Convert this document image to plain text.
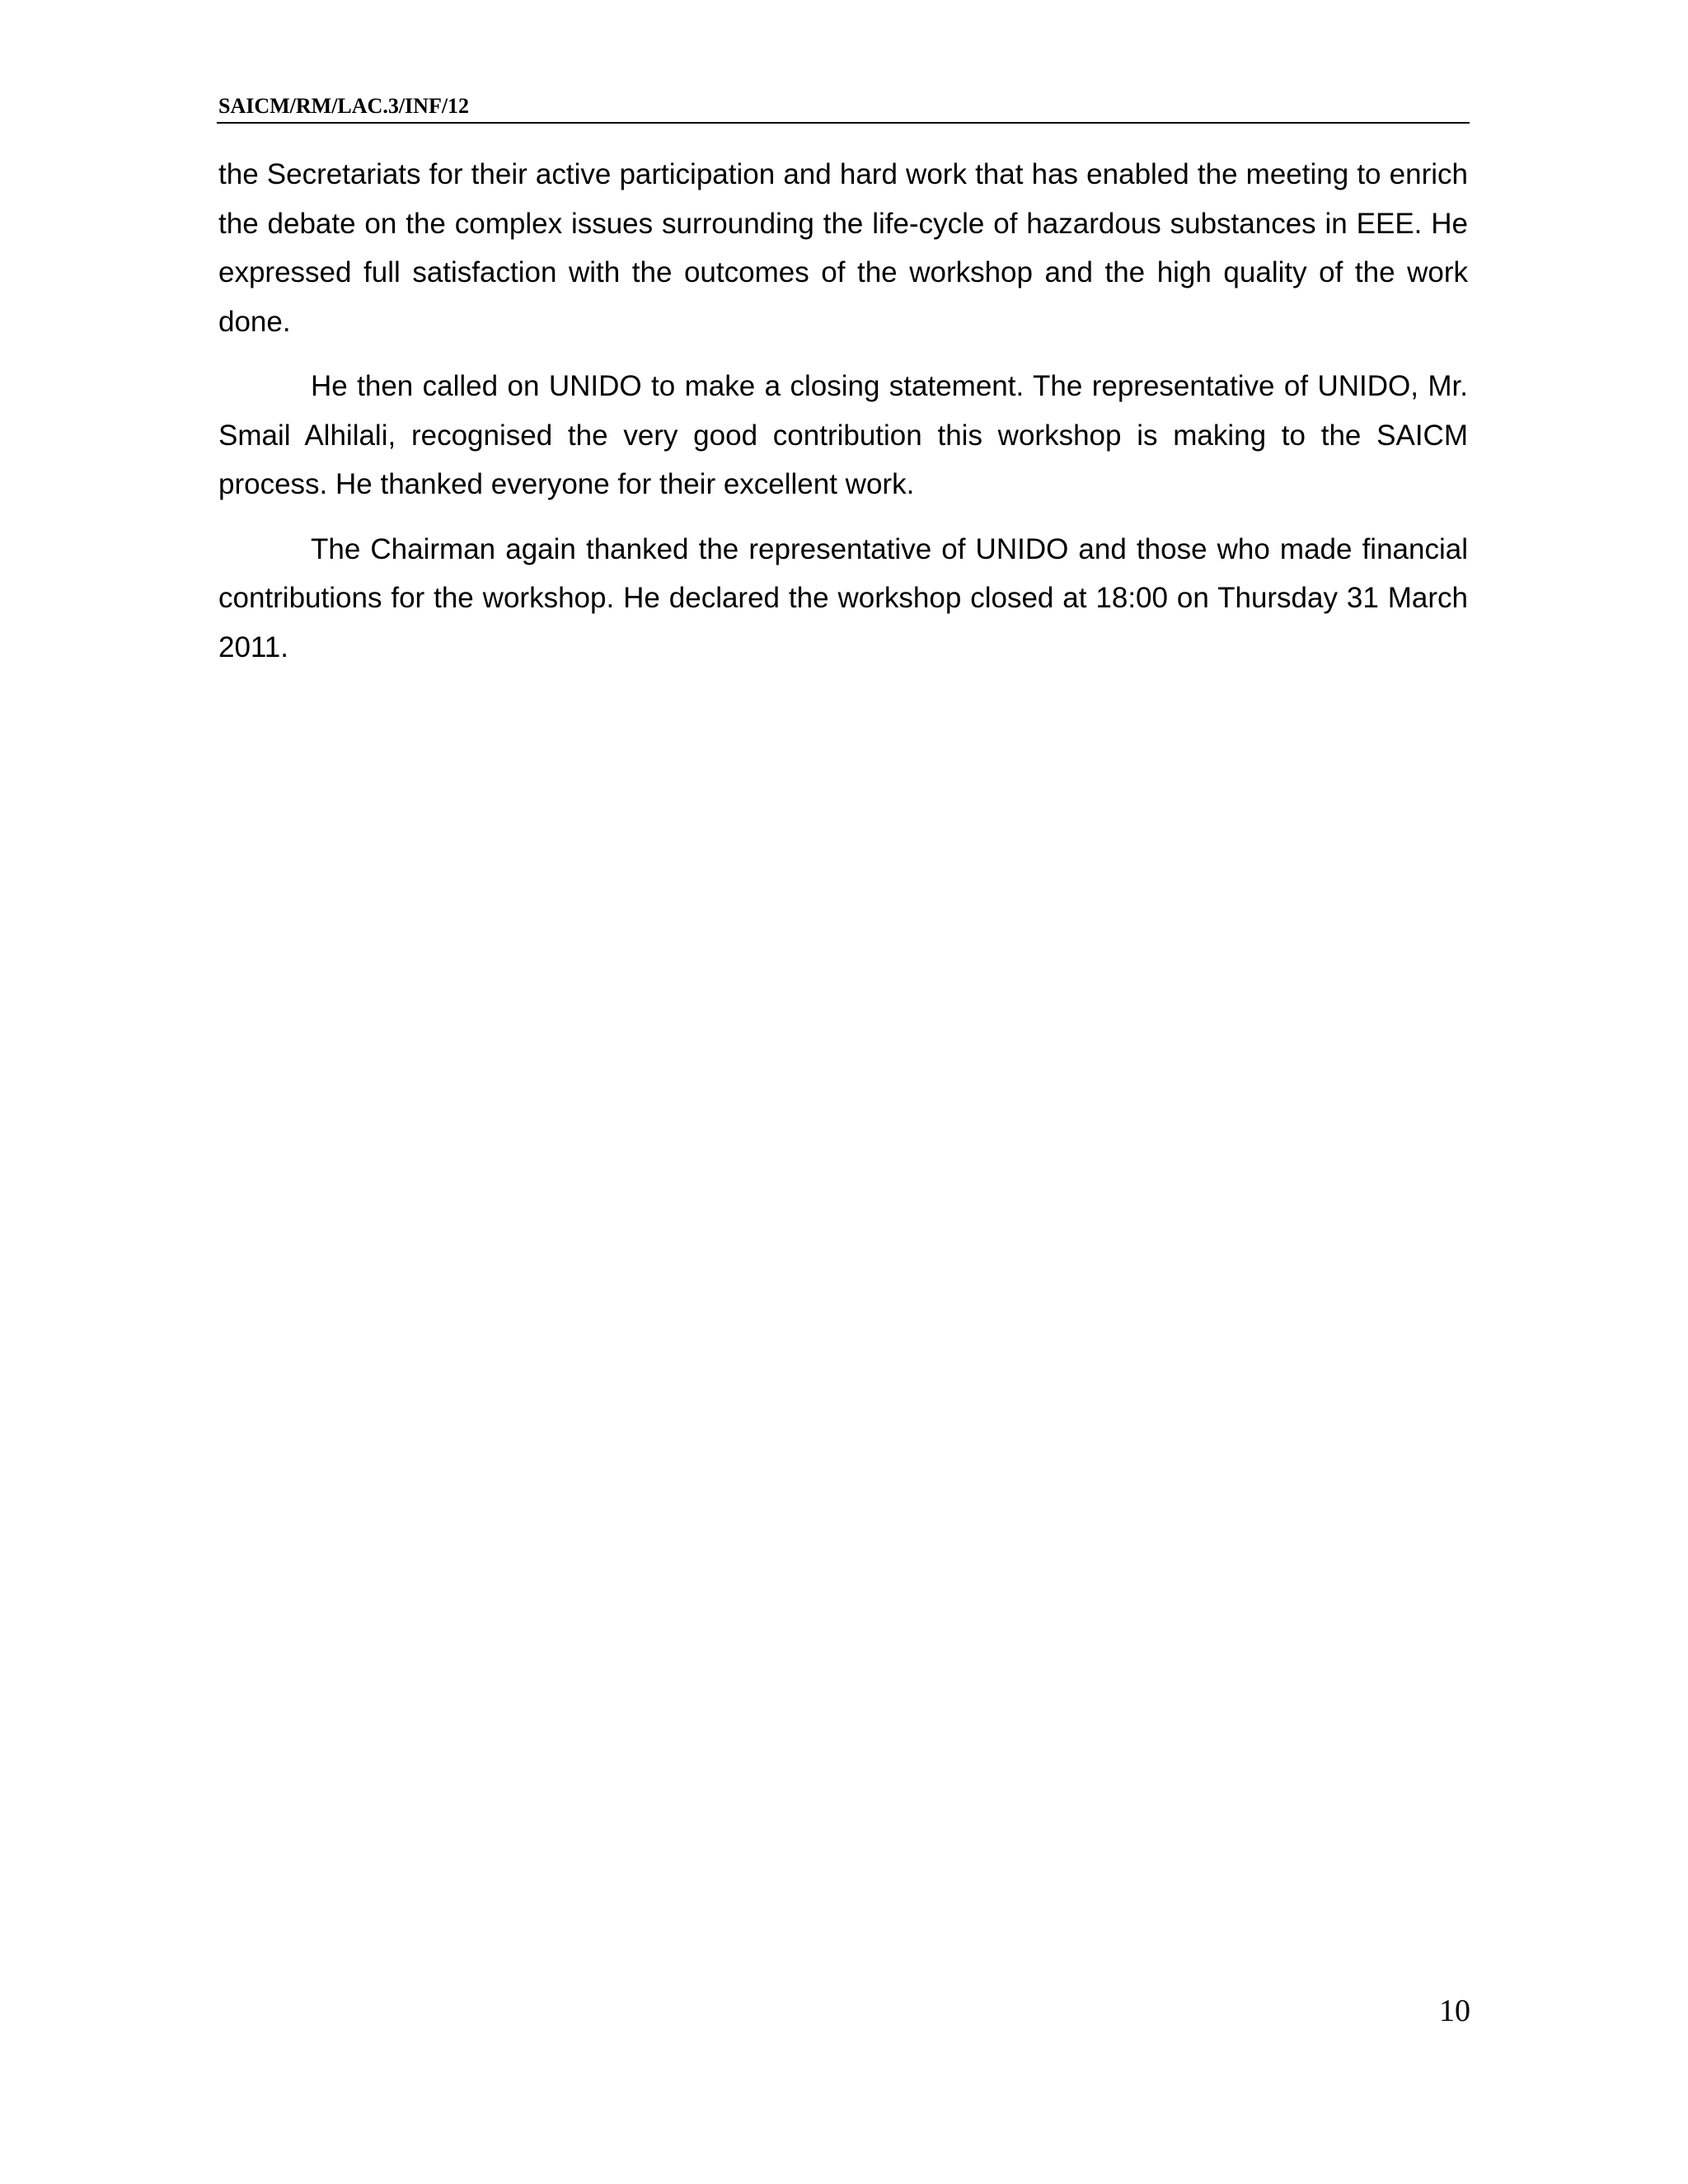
SAICM/RM/LAC.3/INF/12

the Secretariats for their active participation and hard work that has enabled the meeting to enrich the debate on the complex issues surrounding the life-cycle of hazardous substances in EEE. He expressed full satisfaction with the outcomes of the workshop and the high quality of the work done.

He then called on UNIDO to make a closing statement. The representative of UNIDO, Mr. Smail Alhilali, recognised the very good contribution this workshop is making to the SAICM process. He thanked everyone for their excellent work.

The Chairman again thanked the representative of UNIDO and those who made financial contributions for the workshop. He declared the workshop closed at 18:00 on Thursday 31 March 2011.

10
